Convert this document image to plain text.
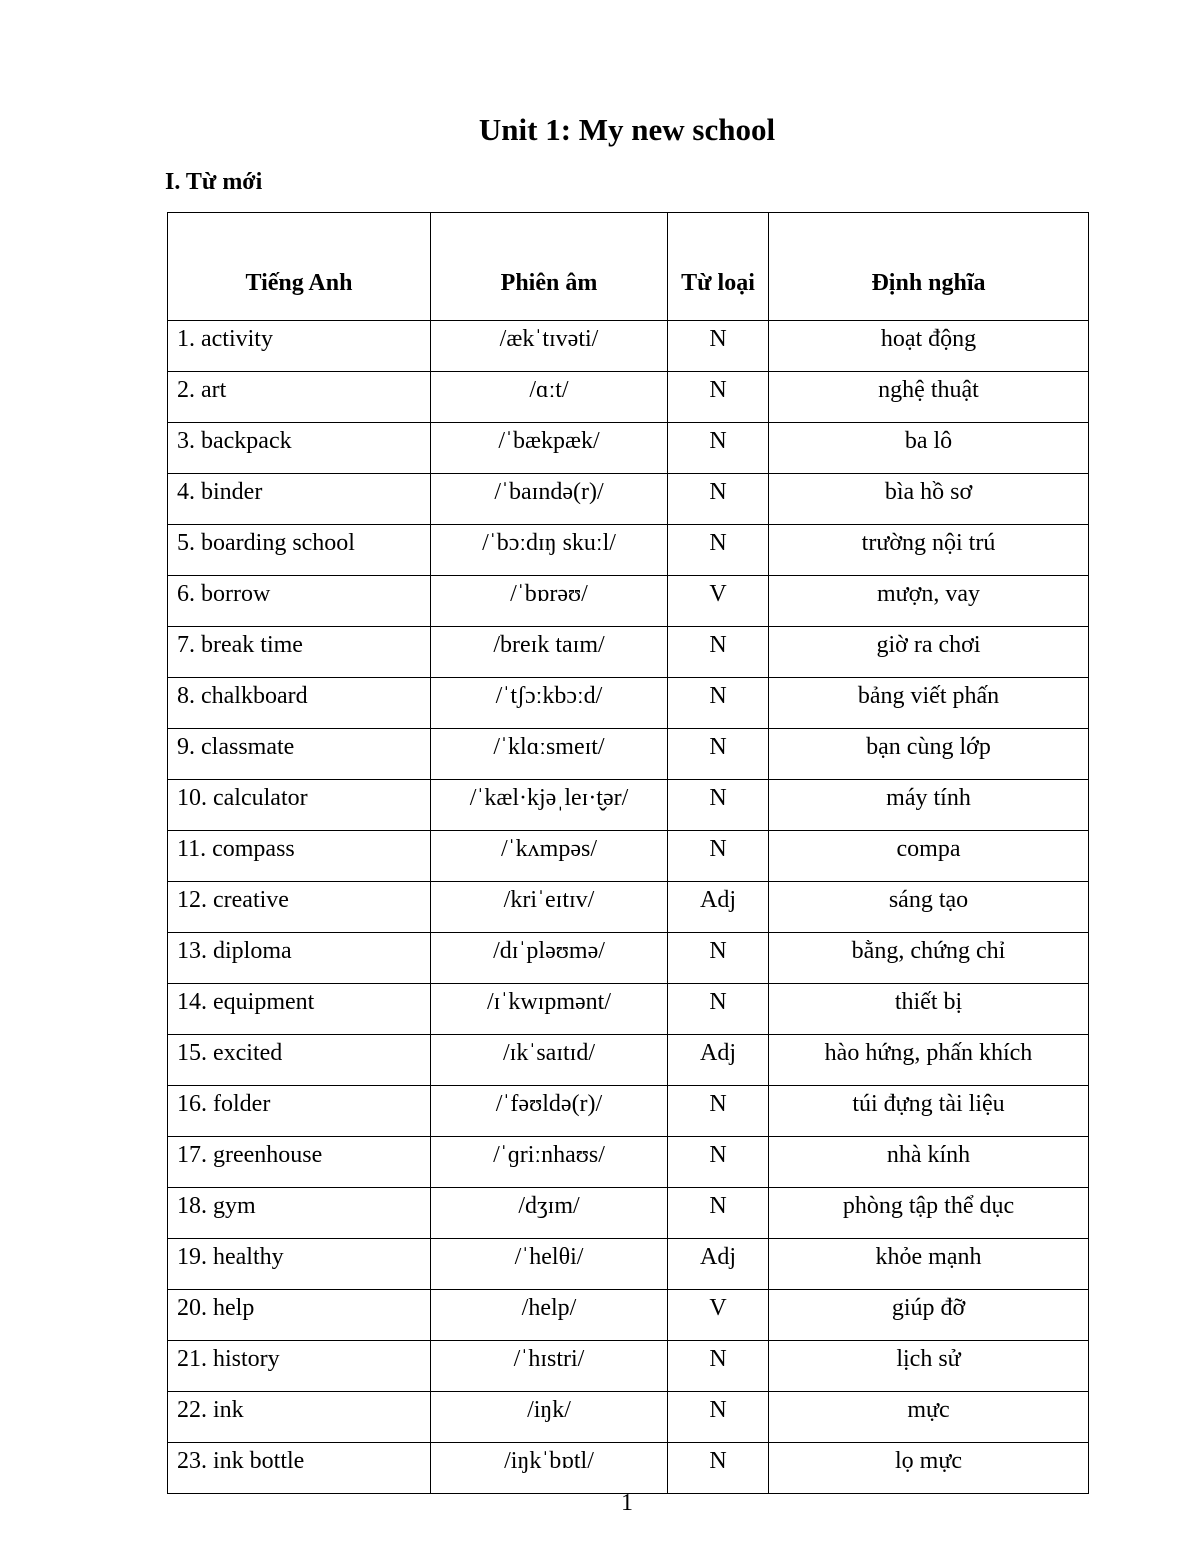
Unit 1: My new school
I. Từ mới
Tiếng Anh	Phiên âm	Từ loại	Định nghĩa
1. activity	/ækˈtɪvəti/	N	hoạt động
2. art	/ɑːt/	N	nghệ thuật
3. backpack	/ˈbækpæk/	N	ba lô
4. binder	/ˈbaɪndə(r)/	N	bìa hồ sơ
5. boarding school	/ˈbɔːdɪŋ skuːl/	N	trường nội trú
6. borrow	/ˈbɒrəʊ/	V	mượn, vay
7. break time	/breɪk taɪm/	N	giờ ra chơi
8. chalkboard	/ˈtʃɔːkbɔːd/	N	bảng viết phấn
9. classmate	/ˈklɑːsmeɪt/	N	bạn cùng lớp
10. calculator	/ˈkæl·kjəˌleɪ·t̬ər/	N	máy tính
11. compass	/ˈkʌmpəs/	N	compa
12. creative	/kriˈeɪtɪv/	Adj	sáng tạo
13. diploma	/dɪˈpləʊmə/	N	bằng, chứng chỉ
14. equipment	/ɪˈkwɪpmənt/	N	thiết bị
15. excited	/ɪkˈsaɪtɪd/	Adj	hào hứng, phấn khích
16. folder	/ˈfəʊldə(r)/	N	túi đựng tài liệu
17. greenhouse	/ˈɡriːnhaʊs/	N	nhà kính
18. gym	/dʒɪm/	N	phòng tập thể dục
19. healthy	/ˈhelθi/	Adj	khỏe mạnh
20. help	/help/	V	giúp đỡ
21. history	/ˈhɪstri/	N	lịch sử
22. ink	/iŋk/	N	mực
23. ink bottle	/iŋkˈbɒtl/	N	lọ mực

1
